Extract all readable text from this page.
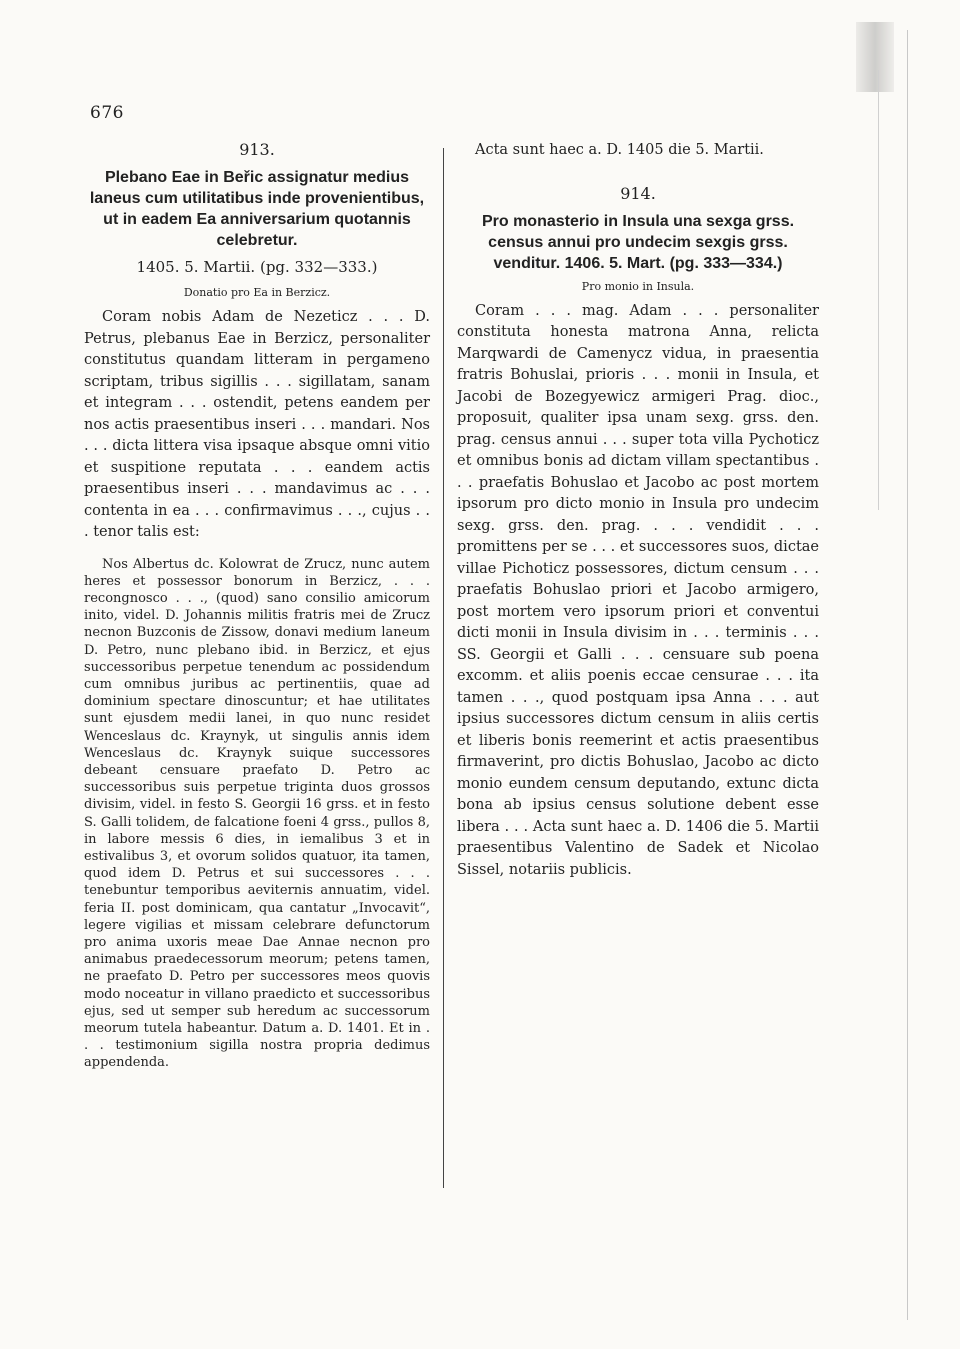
676

913.

Plebano Eae in Beřic assignatur medius laneus cum utilitatibus inde provenientibus, ut in eadem Ea anniversarium quotannis celebretur.

1405. 5. Martii. (pg. 332—333.)

Donatio pro Ea in Berzicz.

Coram nobis Adam de Nezeticz . . . D. Petrus, plebanus Eae in Berzicz, personaliter constitutus quandam litteram in pergameno scriptam, tribus sigillis . . . sigillatam, sanam et integram . . . ostendit, petens eandem per nos actis praesentibus inseri . . . mandari. Nos . . . dicta littera visa ipsaque absque omni vitio et suspitione reputata . . . eandem actis praesentibus inseri . . . mandavimus ac . . . contenta in ea . . . confirmavimus . . ., cujus . . . tenor talis est:

Nos Albertus dc. Kolowrat de Zrucz, nunc autem heres et possessor bonorum in Berzicz, . . . recongnosco . . ., (quod) sano consilio amicorum inito, videl. D. Johannis militis fratris mei de Zrucz necnon Buzconis de Zissow, donavi medium laneum D. Petro, nunc plebano ibid. in Berzicz, et ejus successoribus perpetue tenendum ac possidendum cum omnibus juribus ac pertinentiis, quae ad dominium spectare dinoscuntur; et hae utilitates sunt ejusdem medii lanei, in quo nunc residet Wenceslaus dc. Kraynyk, ut singulis annis idem Wenceslaus dc. Kraynyk suique successores debeant censuare praefato D. Petro ac successoribus suis perpetue triginta duos grossos divisim, videl. in festo S. Georgii 16 grss. et in festo S. Galli tolidem, de falcatione foeni 4 grss., pullos 8, in labore messis 6 dies, in iemalibus 3 et in estivalibus 3, et ovorum solidos quatuor, ita tamen, quod idem D. Petrus et sui successores . . . tenebuntur temporibus aeviternis annuatim, videl. feria II. post dominicam, qua cantatur „Invocavit“, legere vigilias et missam celebrare defunctorum pro anima uxoris meae Dae Annae necnon pro animabus praedecessorum meorum; petens tamen, ne praefato D. Petro per successores meos quovis modo noceatur in villano praedicto et successoribus ejus, sed ut semper sub heredum ac successorum meorum tutela habeantur. Datum a. D. 1401. Et in . . . testimonium sigilla nostra propria dedimus appendenda.

Acta sunt haec a. D. 1405 die 5. Martii.

914.

Pro monasterio in Insula una sexga grss. census annui pro undecim sexgis grss. venditur. 1406. 5. Mart. (pg. 333—334.)

Pro monio in Insula.

Coram . . . mag. Adam . . . personaliter constituta honesta matrona Anna, relicta Marqwardi de Camenycz vidua, in praesentia fratris Bohuslai, prioris . . . monii in Insula, et Jacobi de Bozegyewicz armigeri Prag. dioc., proposuit, qualiter ipsa unam sexg. grss. den. prag. census annui . . . super tota villa Pychoticz et omnibus bonis ad dictam villam spectantibus . . . praefatis Bohuslao et Jacobo ac post mortem ipsorum pro dicto monio in Insula pro undecim sexg. grss. den. prag. . . . vendidit . . . promittens per se . . . et successores suos, dictae villae Pichoticz possessores, dictum censum . . . praefatis Bohuslao priori et Jacobo armigero, post mortem vero ipsorum priori et conventui dicti monii in Insula divisim in . . . terminis . . . SS. Georgii et Galli . . . censuare sub poena excomm. et aliis poenis eccae censurae . . . ita tamen . . ., quod postquam ipsa Anna . . . aut ipsius successores dictum censum in aliis certis et liberis bonis reemerint et actis praesentibus firmaverint, pro dictis Bohuslao, Jacobo ac dicto monio eundem censum deputando, extunc dicta bona ab ipsius census solutione debent esse libera . . . Acta sunt haec a. D. 1406 die 5. Martii praesentibus Valentino de Sadek et Nicolao Sissel, notariis publicis.
